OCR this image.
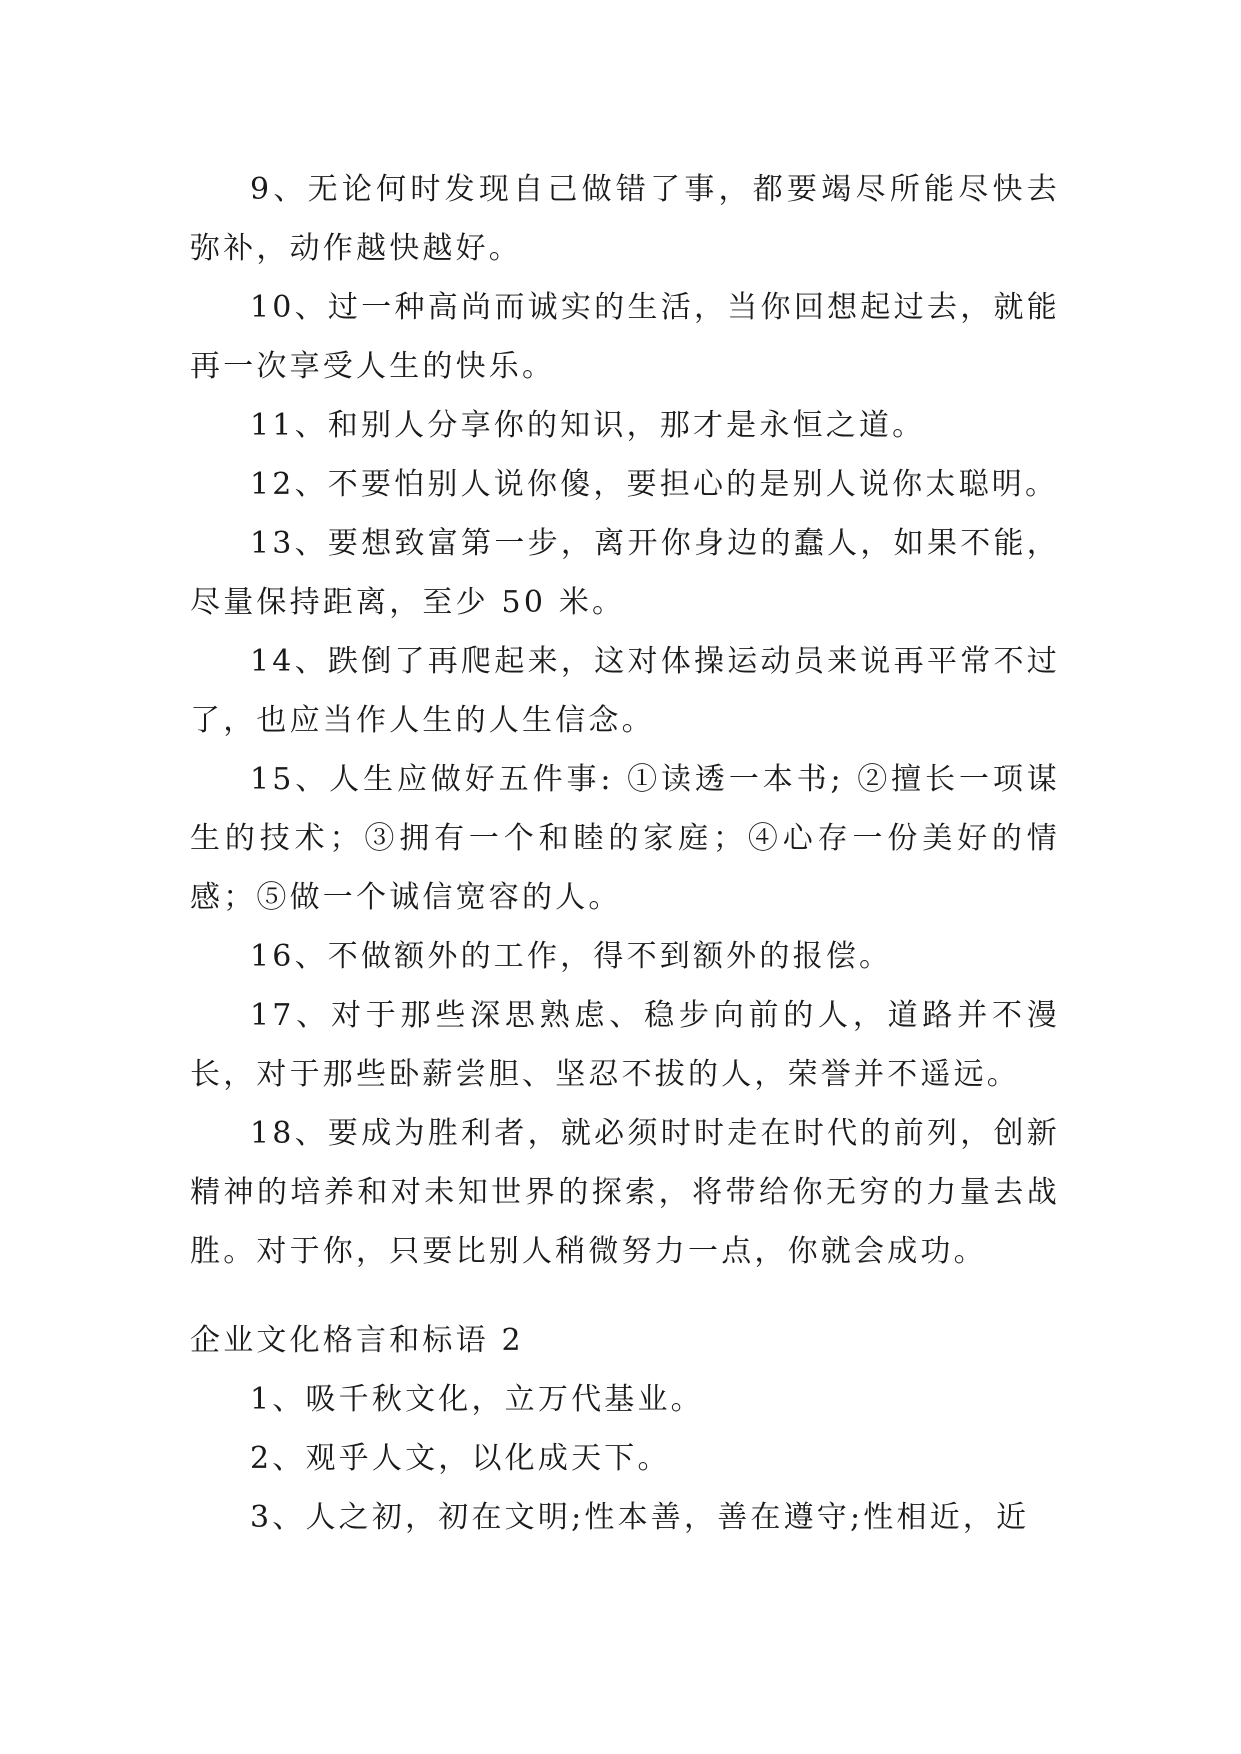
9、无论何时发现自己做错了事，都要竭尽所能尽快去弥补，动作越快越好。

10、过一种高尚而诚实的生活，当你回想起过去，就能再一次享受人生的快乐。

11、和别人分享你的知识，那才是永恒之道。

12、不要怕别人说你傻，要担心的是别人说你太聪明。

13、要想致富第一步，离开你身边的蠢人，如果不能，尽量保持距离，至少 50 米。

14、跌倒了再爬起来，这对体操运动员来说再平常不过了，也应当作人生的人生信念。

15、人生应做好五件事: ①读透一本书; ②擅长一项谋生的技术；③拥有一个和睦的家庭；④心存一份美好的情感；⑤做一个诚信宽容的人。

16、不做额外的工作，得不到额外的报偿。

17、对于那些深思熟虑、稳步向前的人，道路并不漫长，对于那些卧薪尝胆、坚忍不拔的人，荣誉并不遥远。

18、要成为胜利者，就必须时时走在时代的前列，创新精神的培养和对未知世界的探索，将带给你无穷的力量去战胜。对于你，只要比别人稍微努力一点，你就会成功。

企业文化格言和标语 2

1、吸千秋文化，立万代基业。

2、观乎人文，以化成天下。

3、人之初，初在文明;性本善，善在遵守;性相近，近
